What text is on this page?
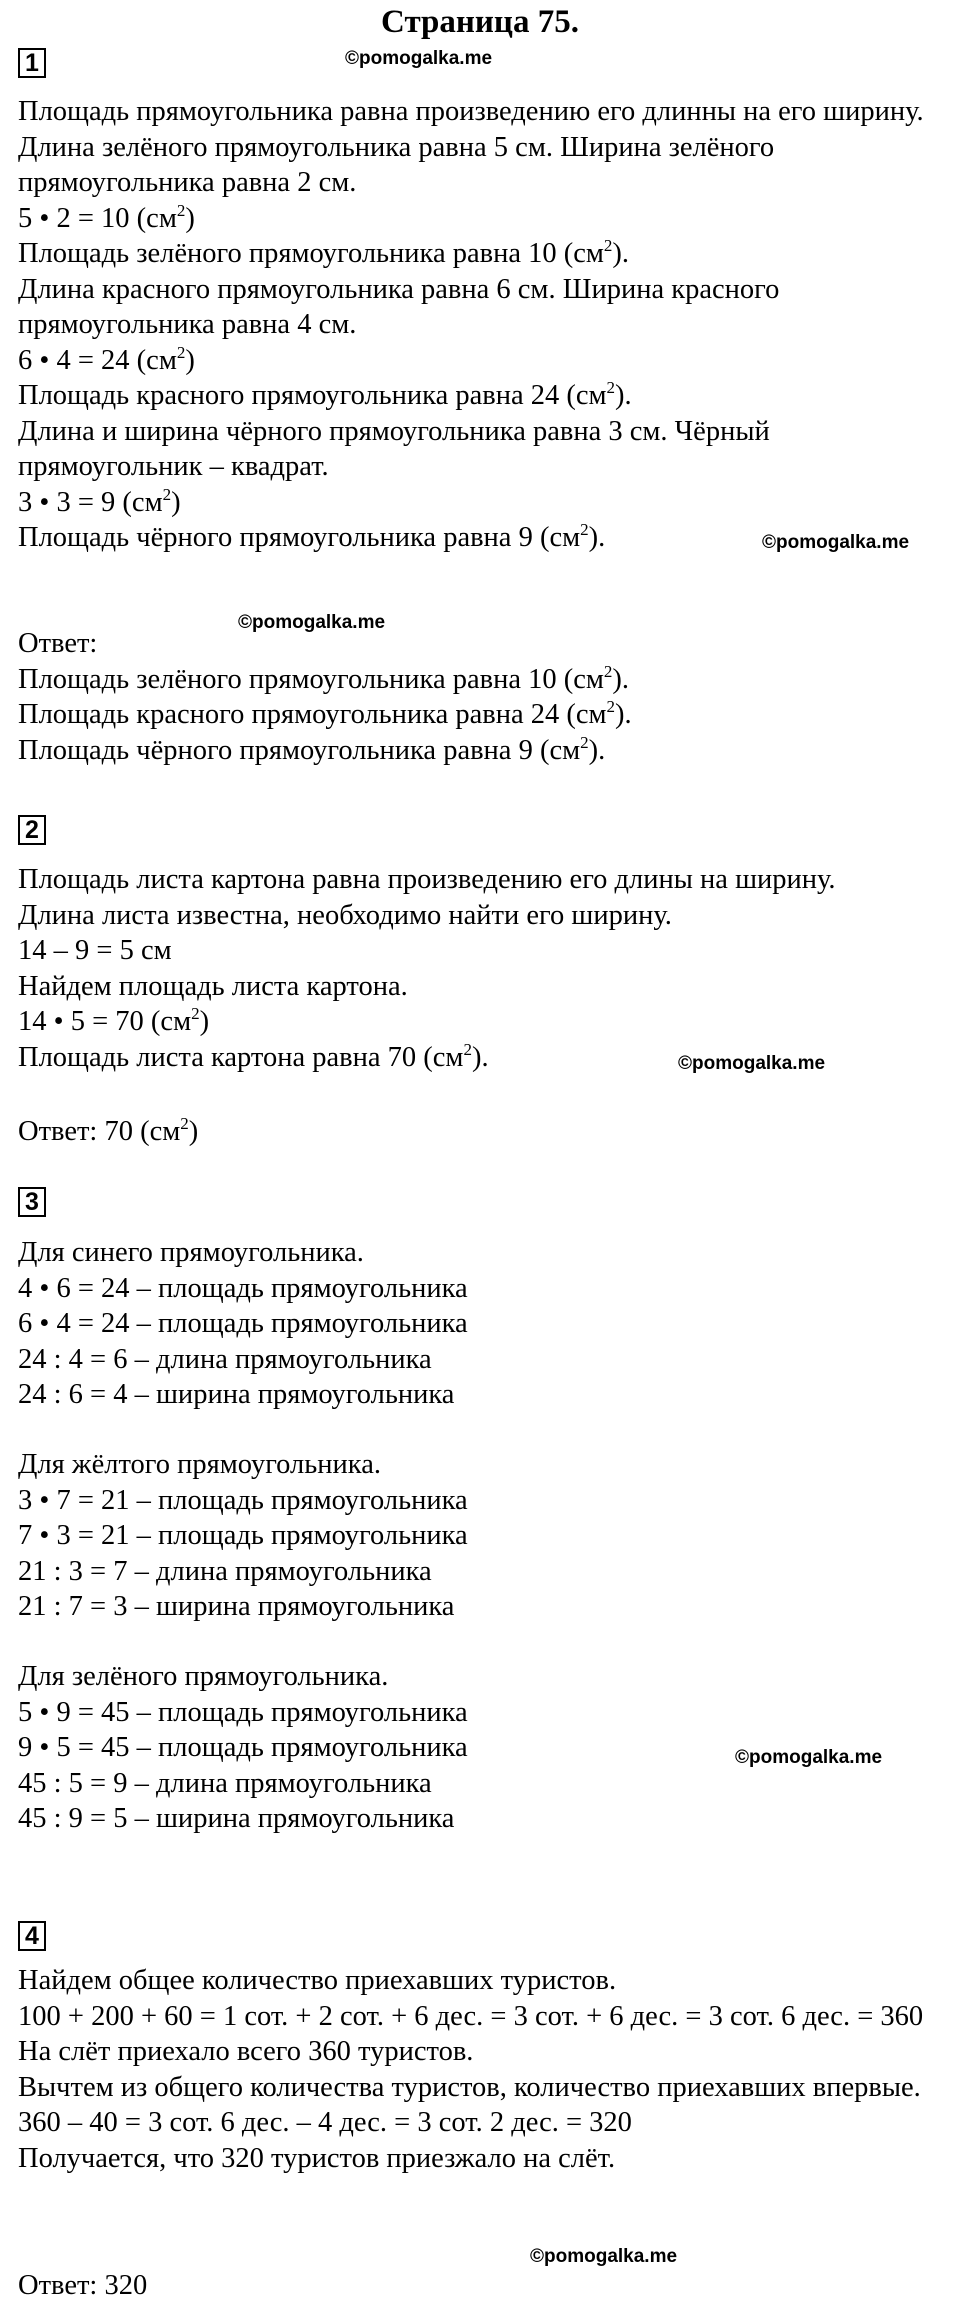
Страница 75.
©pomogalka.me
©pomogalka.me
©pomogalka.me
©pomogalka.me
©pomogalka.me
©pomogalka.me
1
Площадь прямоугольника равна произведению его длинны на его ширину.
Длина зелёного прямоугольника равна 5 см. Ширина зелёного прямоугольника равна 2 см.
5 • 2 = 10 $(см^2)$
Площадь зелёного прямоугольника равна 10 $(см^2)$.
Длина красного прямоугольника равна 6 см. Ширина красного прямоугольника равна 4 см.
6 • 4 = 24 $(см^2)$
Площадь красного прямоугольника равна 24 $(см^2)$.
Длина и ширина чёрного прямоугольника равна 3 см. Чёрный прямоугольник – квадрат.
3 • 3 = 9 $(см^2)$
Площадь чёрного прямоугольника равна 9 $(см^2)$.
Ответ:
Площадь зелёного прямоугольника равна 10 $(см^2)$.
Площадь красного прямоугольника равна 24 $(см^2)$.
Площадь чёрного прямоугольника равна 9 $(см^2)$.
2
Площадь листа картона равна произведению его длины на ширину.
Длина листа известна, необходимо найти его ширину.
14 – 9 = 5 см
Найдем площадь листа картона.
14 • 5 = 70 $(см^2)$
Площадь листа картона равна 70 $(см^2)$.
Ответ: 70 $(см^2)$
3
Для синего прямоугольника.
4 • 6 = 24 – площадь прямоугольника
6 • 4 = 24 – площадь прямоугольника
24 : 4 = 6 – длина прямоугольника
24 : 6 = 4 – ширина прямоугольника
Для жёлтого прямоугольника.
3 • 7 = 21 – площадь прямоугольника
7 • 3 = 21 – площадь прямоугольника
21 : 3 = 7 – длина прямоугольника
21 : 7 = 3 – ширина прямоугольника
Для зелёного прямоугольника.
5 • 9 = 45 – площадь прямоугольника
9 • 5 = 45 – площадь прямоугольника
45 : 5 = 9 – длина прямоугольника
45 : 9 = 5 – ширина прямоугольника
4
Найдем общее количество приехавших туристов.
100 + 200 + 60 = 1 сот. + 2 сот. + 6 дес. = 3 сот. + 6 дес. = 3 сот. 6 дес. = 360
На слёт приехало всего 360 туристов.
Вычтем из общего количества туристов, количество приехавших впервые.
360 – 40 = 3 сот. 6 дес. – 4 дес. = 3 сот. 2 дес. = 320
Получается, что 320 туристов приезжало на слёт.
Ответ: 320
